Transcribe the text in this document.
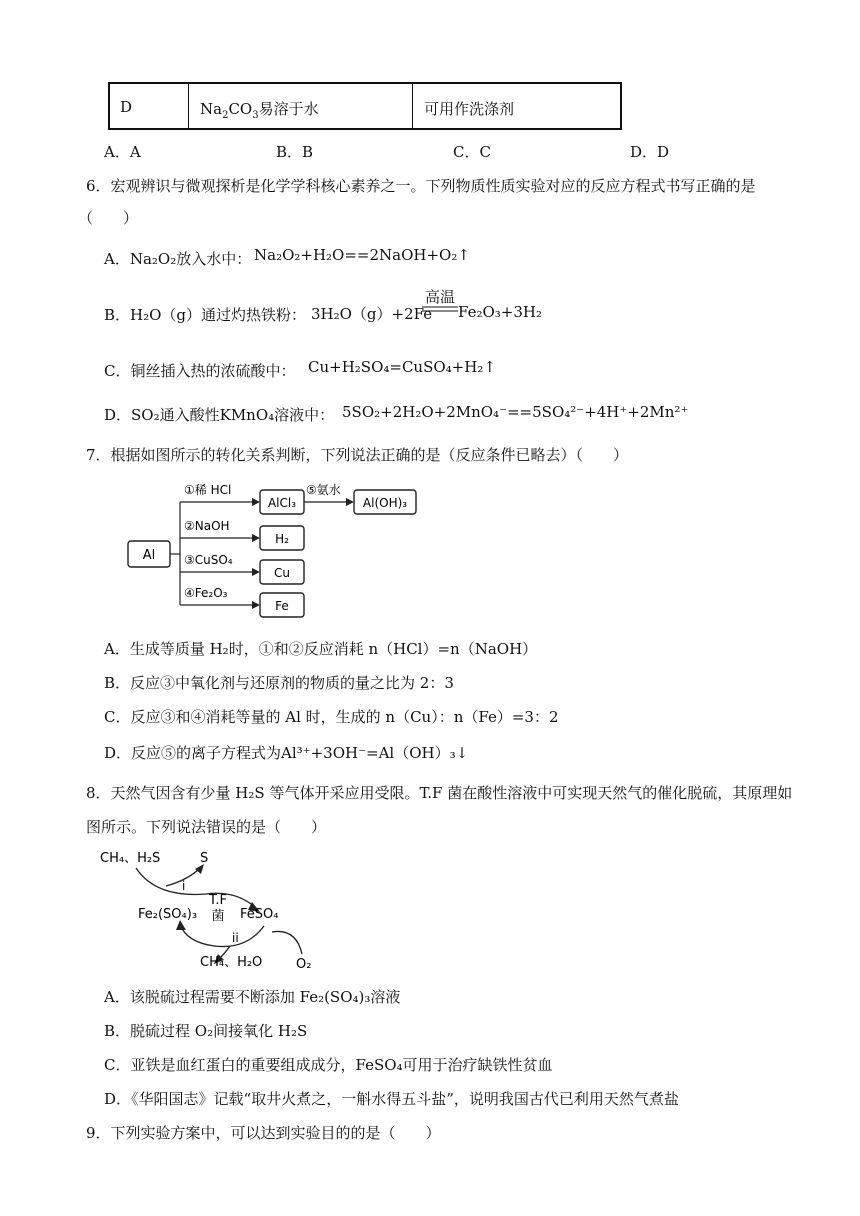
D	$Na_2CO_3$易溶于水	可用作洗涤剂
A．A	B．B	C．C	D．D
6．宏观辨识与微观探析是化学学科核心素养之一。下列物质性质实验对应的反应方程式书写正确的是
（　　）
A．Na₂O₂放入水中： Na₂O₂+H₂O==2NaOH+O₂↑
B．H₂O（g）通过灼热铁粉： 3H₂O（g）+2Fe
高温
Fe₂O₃+3H₂
C．铜丝插入热的浓硫酸中： Cu+H₂SO₄=CuSO₄+H₂↑
D．SO₂通入酸性KMnO₄溶液中： 5SO₂+2H₂O+2MnO₄⁻==5SO₄²⁻+4H⁺+2Mn²⁺
7．根据如图所示的转化关系判断，下列说法正确的是（反应条件已略去）（　　）
Al
①稀 HCl
②NaOH
③CuSO₄
④Fe₂O₃
AlCl₃
H₂
Cu
Fe
⑤氨水
Al(OH)₃
A．生成等质量 H₂时，①和②反应消耗 n（HCl）=n（NaOH）
B．反应③中氧化剂与还原剂的物质的量之比为 2：3
C．反应③和④消耗等量的 Al 时，生成的 n（Cu）：n（Fe）=3：2
D．反应⑤的离子方程式为Al³⁺+3OH⁻=Al（OH）₃↓
8．天然气因含有少量 H₂S 等气体开采应用受限。T.F 菌在酸性溶液中可实现天然气的催化脱硫，其原理如
图所示。下列说法错误的是（　　）
CH₄、H₂S	S
i
T.F
菌
Fe₂(SO₄)₃	FeSO₄
ii
CH₄、H₂O	O₂
A．该脱硫过程需要不断添加 Fe₂(SO₄)₃溶液
B．脱硫过程 O₂间接氧化 H₂S
C．亚铁是血红蛋白的重要组成成分，FeSO₄可用于治疗缺铁性贫血
D．《华阳国志》记载“取井火煮之，一斛水得五斗盐”，说明我国古代已利用天然气煮盐
9．下列实验方案中，可以达到实验目的的是（　　）
